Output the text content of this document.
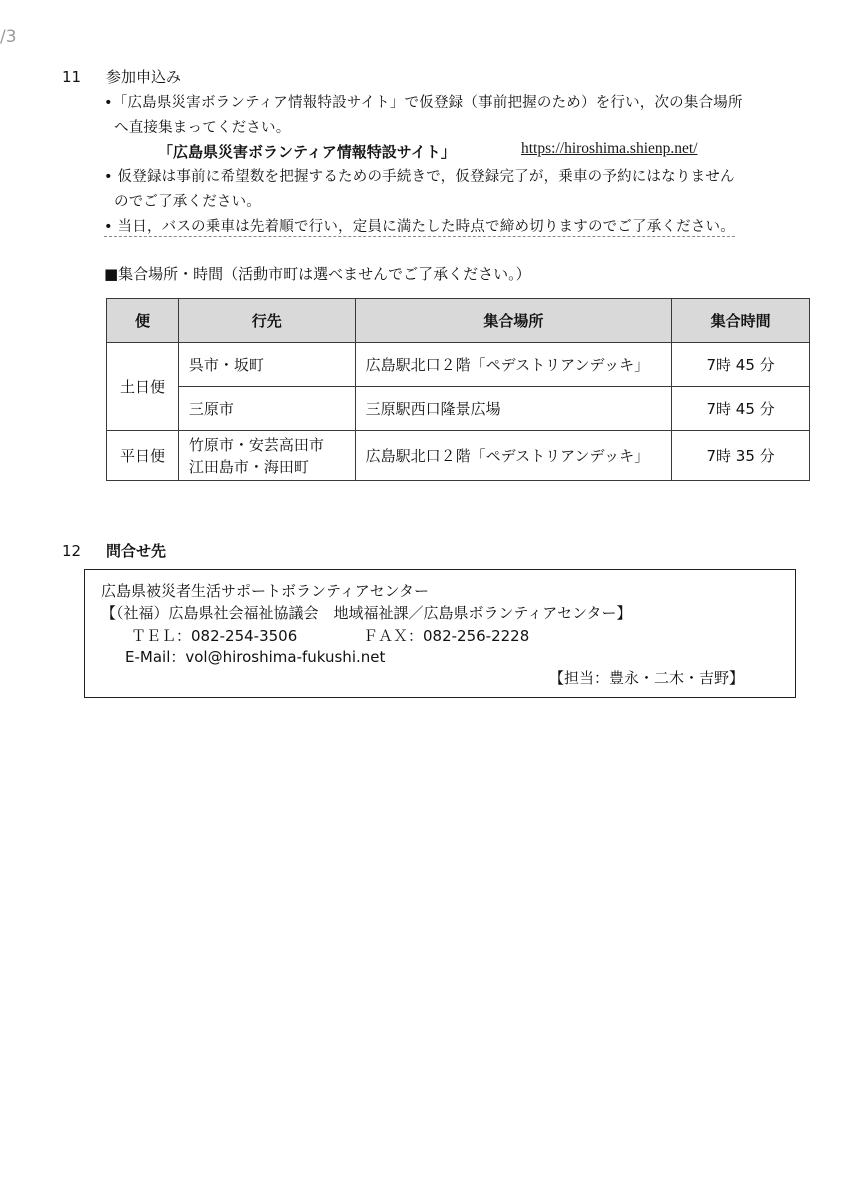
/3
11 参加申込み
•「広島県災害ボランティア情報特設サイト」で仮登録（事前把握のため）を行い，次の集合場所
へ直接集まってください。
「広島県災害ボランティア情報特設サイト」	https://hiroshima.shienp.net/
• 仮登録は事前に希望数を把握するための手続きで，仮登録完了が，乗車の予約にはなりません
のでご了承ください。
• 当日，バスの乗車は先着順で行い，定員に満たした時点で締め切りますのでご了承ください。
■集合場所・時間（活動市町は選べませんでご了承ください。）
便	行先	集合場所	集合時間
土日便	呉市・坂町	広島駅北口２階「ペデストリアンデッキ」	7時 45 分
	三原市	三原駅西口隆景広場	7時 45 分
平日便	竹原市・安芸高田市
江田島市・海田町	広島駅北口２階「ペデストリアンデッキ」	7時 35 分
12 問合せ先
広島県被災者生活サポートボランティアセンター
【（社福）広島県社会福祉協議会　地域福祉課／広島県ボランティアセンター】
ＴＥＬ：082-254-3506	ＦＡＸ：082-256-2228
E-Mail：vol@hiroshima-fukushi.net
【担当：豊永・二木・吉野】
